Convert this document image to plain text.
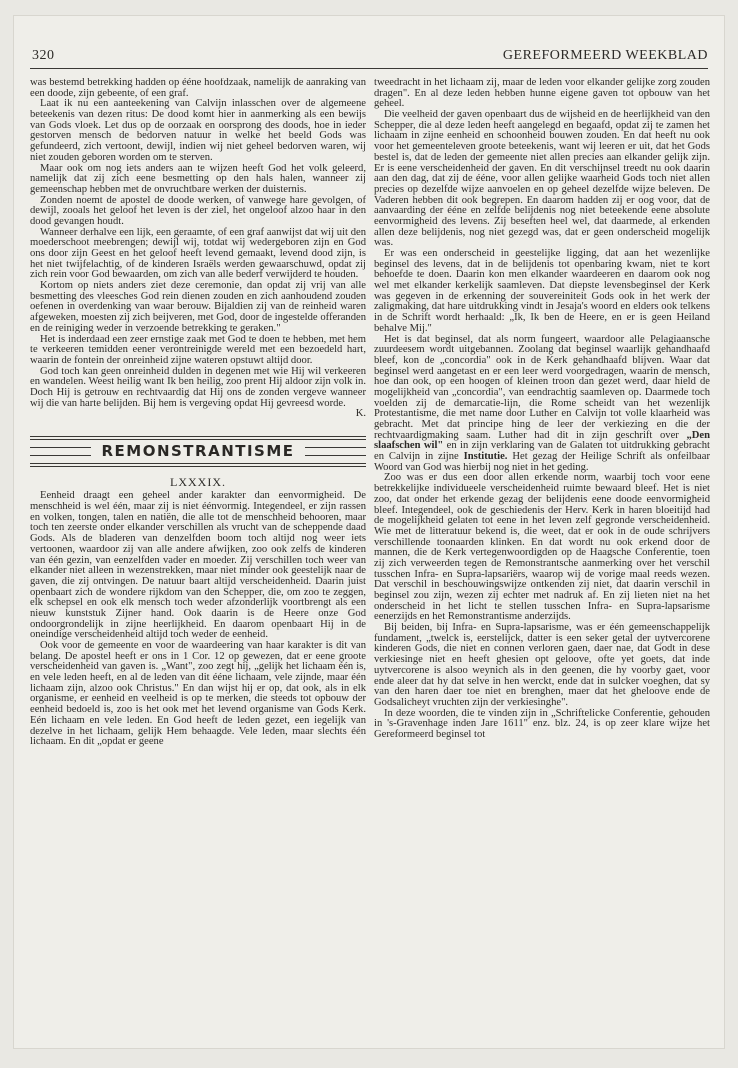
320	GEREFORMEERD WEEKBLAD

was bestemd betrekking hadden op ééne hoofdzaak, namelijk de aanraking van een doode, zijn gebeente, of een graf.

Laat ik nu een aanteekening van Calvijn inlasschen over de algemeene beteekenis van dezen ritus: De dood komt hier in aanmerking als een bewijs van Gods vloek. Let dus op de oorzaak en oorsprong des doods, hoe in ieder gestorven mensch de bedorven natuur in welke het beeld Gods was gefundeerd, zich vertoont, dewijl, indien wij niet geheel bedorven waren, wij niet zouden geboren worden om te sterven.

Maar ook om nog iets anders aan te wijzen heeft God het volk geleerd, namelijk dat zij zich eene besmetting op den hals halen, wanneer zij gemeenschap hebben met de onvruchtbare werken der duisternis.

Zonden noemt de apostel de doode werken, of vanwege hare gevolgen, of dewijl, zooals het geloof het leven is der ziel, het ongeloof alzoo haar in den dood gevangen houdt.

Wanneer derhalve een lijk, een geraamte, of een graf aanwijst dat wij uit den moederschoot meebrengen; dewijl wij, totdat wij wedergeboren zijn en God ons door zijn Geest en het geloof heeft levend gemaakt, levend dood zijn, is het niet twijfelachtig, of de kinderen Israëls werden gewaarschuwd, opdat zij zich rein voor God bewaarden, om zich van alle bederf verwijderd te houden.

Kortom op niets anders ziet deze ceremonie, dan opdat zij vrij van alle besmetting des vleesches God rein dienen zouden en zich aanhoudend zouden oefenen in overdenking van waar berouw. Bijaldien zij van de reinheid waren afgeweken, moesten zij zich beijveren, met God, door de ingestelde offeranden en de reiniging weder in verzoende betrekking te geraken."

Het is inderdaad een zeer ernstige zaak met God te doen te hebben, met hem te verkeeren temidden eener verontreinigde wereld met een bezoedeld hart, waarin de fontein der onreinheid zijne wateren opstuwt altijd door.

God toch kan geen onreinheid dulden in degenen met wie Hij wil verkeeren en wandelen. Weest heilig want Ik ben heilig, zoo prent Hij aldoor zijn volk in. Doch Hij is getrouw en rechtvaardig dat Hij ons de zonden vergeve wanneer wij die van harte belijden. Bij hem is vergeving opdat Hij gevreesd worde.

K.
REMONSTRANTISME
LXXXIX.

Eenheid draagt een geheel ander karakter dan eenvormigheid. De menschheid is wel één, maar zij is niet éénvormig. Integendeel, er zijn rassen en volken, tongen, talen en natiën, die alle tot de menschheid behooren, maar toch ten zeerste onder elkander verschillen als vrucht van de scheppende daad Gods. Als de bladeren van denzelfden boom toch altijd nog weer iets vertoonen, waardoor zij van alle andere afwijken, zoo ook zelfs de kinderen van één gezin, van eenzelfden vader en moeder. Zij verschillen toch weer van elkander niet alleen in wezenstrekken, maar niet minder ook geestelijk naar de gaven, die zij ontvingen. De natuur baart altijd verscheidenheid. Daarin juist openbaart zich de wondere rijkdom van den Schepper, die, om zoo te zeggen, elk schepsel en ook elk mensch toch weder afzonderlijk voortbrengt als een nieuw kunststuk Zijner hand. Ook daarin is de Heere onze God ondoorgrondelijk in zijne heerlijkheid. En daarom openbaart Hij in de oneindige verscheidenheid altijd toch weder de eenheid.

Ook voor de gemeente en voor de waardeering van haar karakter is dit van belang. De apostel heeft er ons in 1 Cor. 12 op gewezen, dat er eene groote verscheidenheid van gaven is. „Want", zoo zegt hij, „gelijk het lichaam één is, en vele leden heeft, en al de leden van dit ééne lichaam, vele zijnde, maar één lichaam zijn, alzoo ook Christus." En dan wijst hij er op, dat ook, als in elk organisme, er eenheid en veelheid is op te merken, die steeds tot opbouw der eenheid bedoeld is, zoo is het ook met het levend organisme van Gods Kerk. Eén lichaam en vele leden. En God heeft de leden gezet, een iegelijk van dezelve in het lichaam, gelijk Hem behaagde. Vele leden, maar slechts één lichaam. En dit „opdat er geene

tweedracht in het lichaam zij, maar de leden voor elkander gelijke zorg zouden dragen". En al deze leden hebben hunne eigene gaven tot opbouw van het geheel.

Die veelheid der gaven openbaart dus de wijsheid en de heerlijkheid van den Schepper, die al deze leden heeft aangelegd en begaafd, opdat zij te zamen het lichaam in zijne eenheid en schoonheid bouwen zouden. En dat heeft nu ook voor het gemeenteleven groote beteekenis, want wij leeren er uit, dat het Gods bestel is, dat de leden der gemeente niet allen precies aan elkander gelijk zijn. Er is eene verscheidenheid der gaven. En dit verschijnsel treedt nu ook daarin aan den dag, dat zij de ééne, voor allen gelijke waarheid Gods toch niet allen precies op dezelfde wijze aanvoelen en op geheel dezelfde wijze beleven. De Vaderen hebben dit ook begrepen. En daarom hadden zij er oog voor, dat de aanvaarding der ééne en zelfde belijdenis nog niet beteekende eene absolute eenvormigheid des levens. Zij beseften heel wel, dat daarmede, al erkenden allen deze belijdenis, nog niet gezegd was, dat er geen onderscheid mogelijk was.

Er was een onderscheid in geestelijke ligging, dat aan het wezenlijke beginsel des levens, dat in de belijdenis tot openbaring kwam, niet te kort behoefde te doen. Daarin kon men elkander waardeeren en daarom ook nog wel met elkander kerkelijk saamleven. Dat diepste levensbeginsel der Kerk was gegeven in de erkenning der souvereiniteit Gods ook in het werk der zaligmaking, dat hare uitdrukking vindt in Jesaja's woord en elders ook telkens in de Schrift wordt herhaald: „Ik, Ik ben de Heere, en er is geen Heiland behalve Mij."

Het is dat beginsel, dat als norm fungeert, waardoor alle Pelagiaansche zuurdeesem wordt uitgebannen. Zoolang dat beginsel waarlijk gehandhaafd bleef, kon de „concordia" ook in de Kerk gehandhaafd blijven. Waar dat beginsel werd aangetast en er een leer werd voorgedragen, waarin de mensch, hoe dan ook, op een hoogen of kleinen troon dan gezet werd, daar hield de mogelijkheid van „concordia", van eendrachtig saamleven op. Daarmede toch voelden zij de demarcatie-lijn, die Rome scheidt van het wezenlijk Protestantisme, die met name door Luther en Calvijn tot volle klaarheid was gebracht. Met dat principe hing de leer der verkiezing en die der rechtvaardigmaking saam. Luther had dit in zijn geschrift over „Den slaafschen wil" en in zijn verklaring van de Galaten tot uitdrukking gebracht en Calvijn in zijne Institutie. Het gezag der Heilige Schrift als onfeilbaar Woord van God was hierbij nog niet in het geding.

Zoo was er dus een door allen erkende norm, waarbij toch voor eene betrekkelijke individueele verscheidenheid ruimte bewaard bleef. Het is niet zoo, dat onder het erkende gezag der belijdenis eene doode eenvormigheid bleef. Integendeel, ook de geschiedenis der Herv. Kerk in haren bloeitijd had de mogelijkheid gelaten tot eene in het leven zelf gegronde verscheidenheid. Wie met de litteratuur bekend is, die weet, dat er ook in de oude schrijvers verschillende toonaarden klinken. En dat wordt nu ook erkend door de mannen, die de Kerk vertegenwoordigden op de Haagsche Conferentie, toen zij zich verweerden tegen de Remonstrantsche aanmerking over het verschil tusschen Infra- en Supra-lapsariërs, waarop wij de vorige maal reeds wezen. Dat verschil in beschouwingswijze ontkenden zij niet, dat daarin verschil in beginsel zou zijn, wezen zij echter met nadruk af. En zij lieten niet na het onderscheid in het licht te stellen tusschen Infra- en Supra-lapsarisme eenerzijds en het Remonstrantisme anderzijds.

Bij beiden, bij Infra- en Supra-lapsarisme, was er één gemeenschappelijk fundament, „twelck is, eerstelijck, datter is een seker getal der uytvercorene kinderen Gods, die niet en connen verloren gaen, daer nae, dat Godt in dese verkiesinge niet en heeft ghesien opt geloove, ofte yet goets, dat inde uytvercorene is alsoo weynich als in den geenen, die hy voorby gaet, voor ende aleer dat hy dat selve in hen werckt, ende dat in sulcker voeghen, dat sy van den haren daer toe niet en brenghen, maer dat het gheloove ende de Godsalicheyt vruchten zijn der verkiesinghe".

In deze woorden, die te vinden zijn in „Schriftelicke Conferentie, gehouden in 's-Gravenhage inden Jare 1611" enz. blz. 24, is op zeer klare wijze het Gereformeerd beginsel tot
